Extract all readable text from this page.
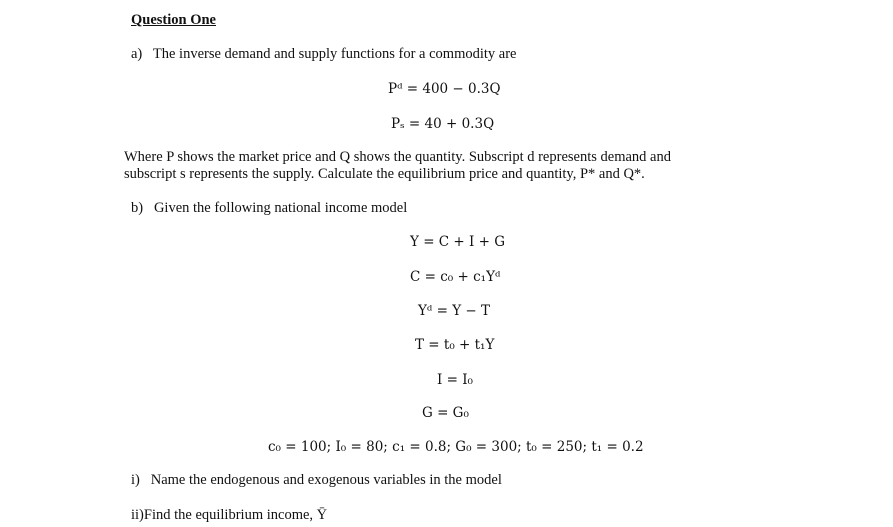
Question One
a)  The inverse demand and supply functions for a commodity are
Pᵈ = 400 − 0.3Q
Pₛ = 40 + 0.3Q
Where P shows the market price and Q shows the quantity. Subscript d represents demand and
subscript s represents the supply. Calculate the equilibrium price and quantity, P* and Q*.
b)  Given the following national income model
Y = C + I + G
C = c₀ + c₁Yᵈ
Yᵈ = Y − T
T = t₀ + t₁Y
I = I₀
G = G₀
c₀ = 100; I₀ = 80; c₁ = 0.8; G₀ = 300; t₀ = 250; t₁ = 0.2
i)  Name the endogenous and exogenous variables in the model
ii)Find the equilibrium income, Ȳ
